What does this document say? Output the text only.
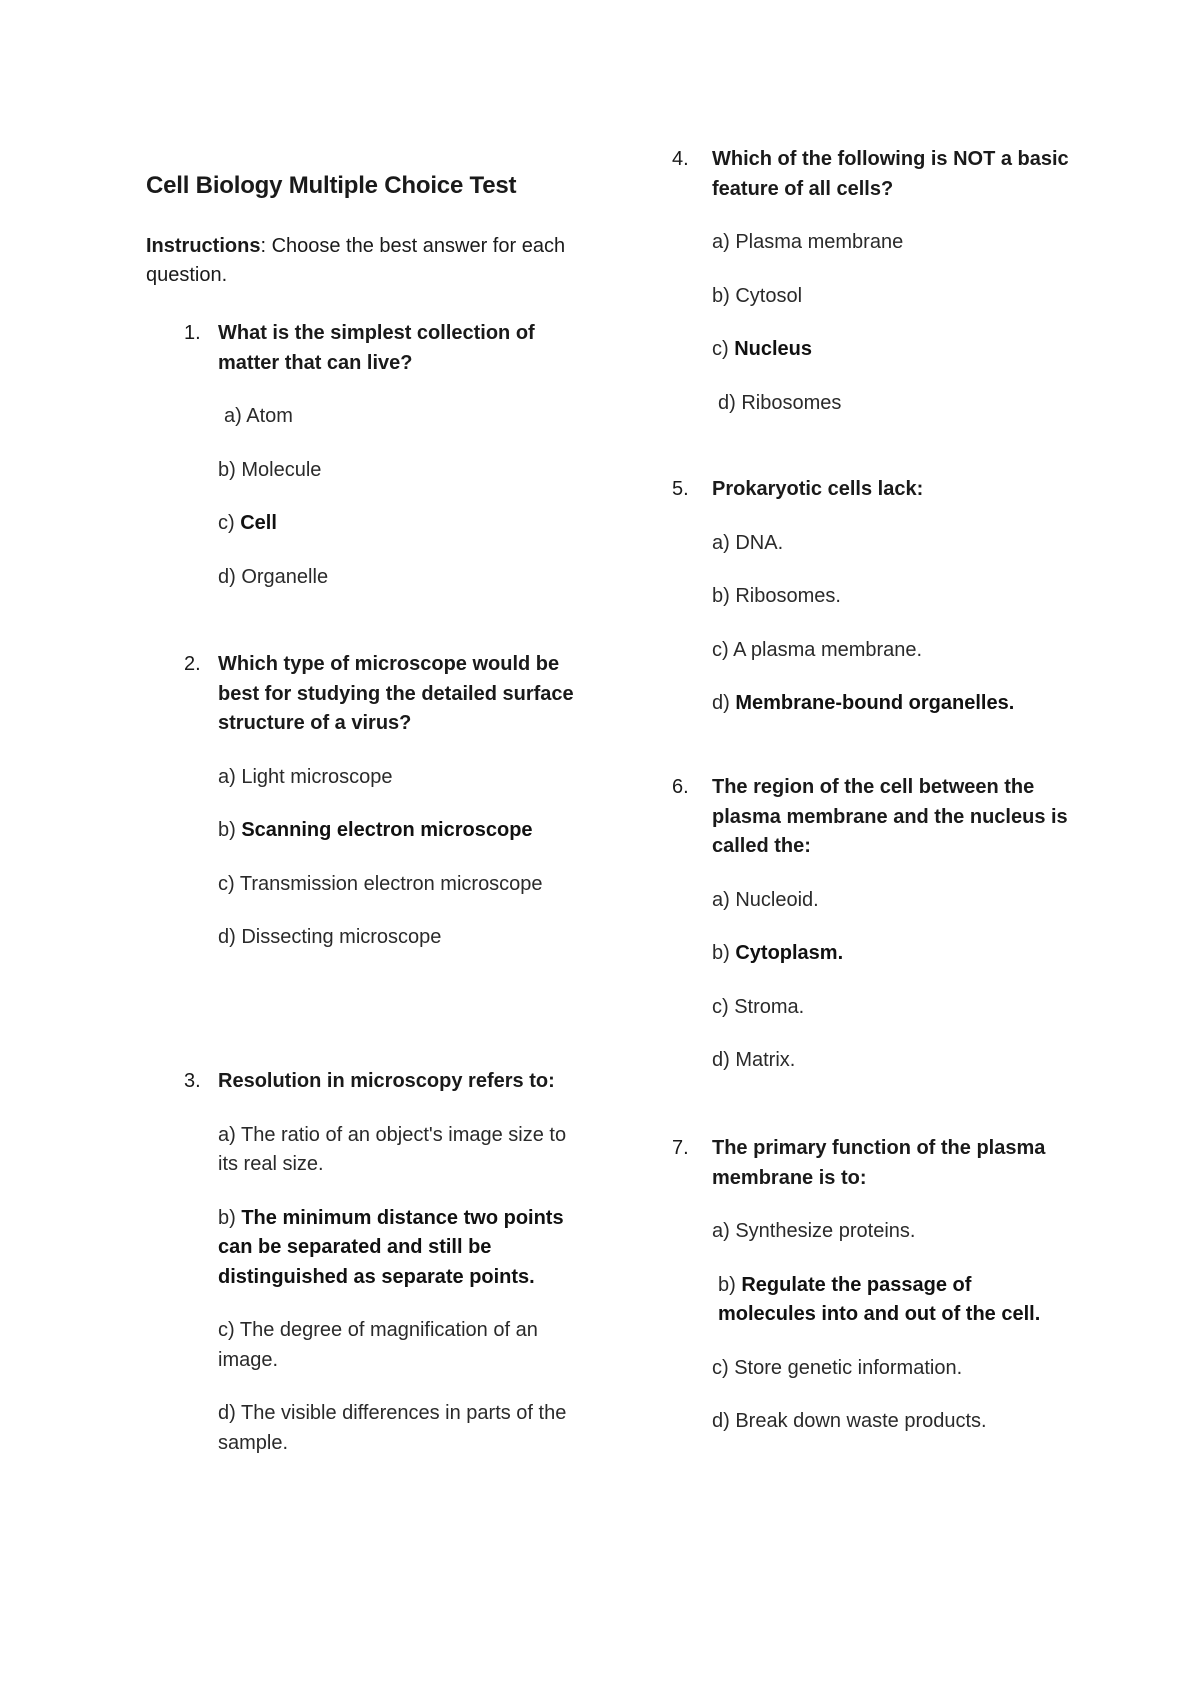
Cell Biology Multiple Choice Test

Instructions: Choose the best answer for each question.

1. What is the simplest collection of matter that can live?

a) Atom

b) Molecule

c) Cell

d) Organelle

2. Which type of microscope would be best for studying the detailed surface structure of a virus?

a) Light microscope

b) Scanning electron microscope

c) Transmission electron microscope

d) Dissecting microscope

3. Resolution in microscopy refers to:

a) The ratio of an object's image size to its real size.

b) The minimum distance two points can be separated and still be distinguished as separate points.

c) The degree of magnification of an image.

d) The visible differences in parts of the sample.

4. Which of the following is NOT a basic feature of all cells?

a) Plasma membrane

b) Cytosol

c) Nucleus

d) Ribosomes

5. Prokaryotic cells lack:

a) DNA.

b) Ribosomes.

c) A plasma membrane.

d) Membrane-bound organelles.

6. The region of the cell between the plasma membrane and the nucleus is called the:

a) Nucleoid.

b) Cytoplasm.

c) Stroma.

d) Matrix.

7. The primary function of the plasma membrane is to:

a) Synthesize proteins.

b) Regulate the passage of molecules into and out of the cell.

c) Store genetic information.

d) Break down waste products.
